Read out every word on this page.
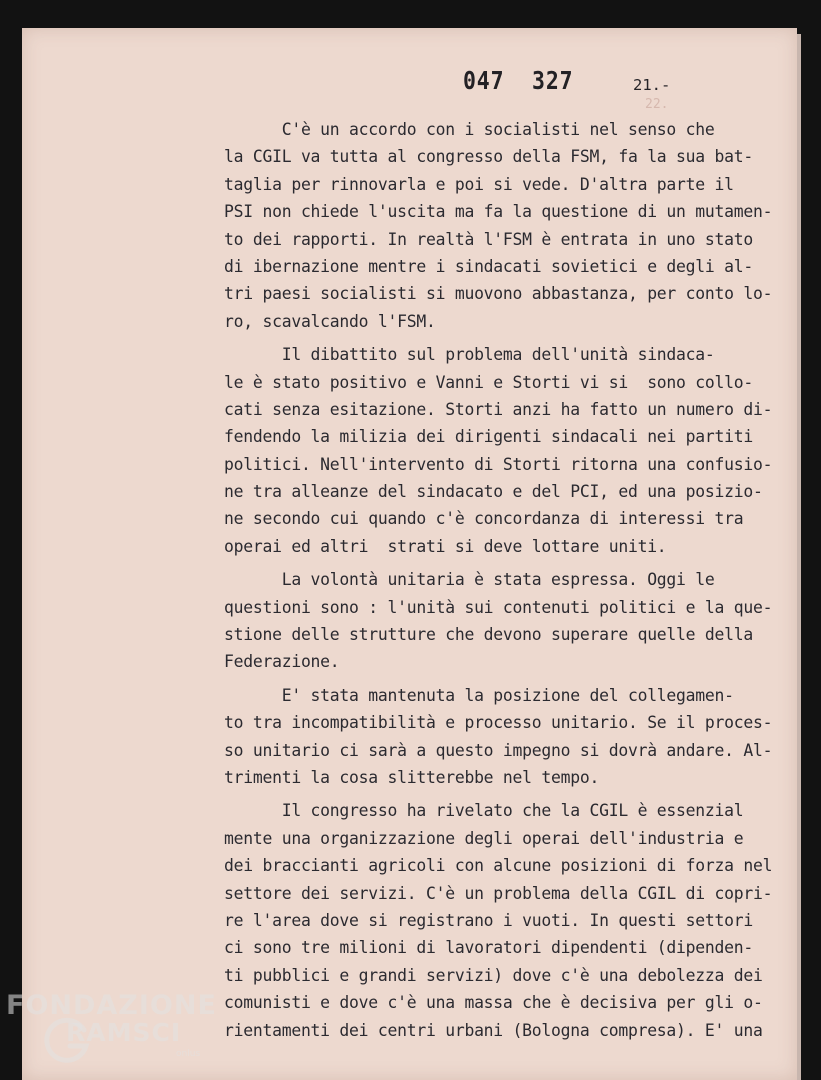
047  327	21.-
22.
C'è un accordo con i socialisti nel senso che
la CGIL va tutta al congresso della FSM, fa la sua bat-
taglia per rinnovarla e poi si vede. D'altra parte il
PSI non chiede l'uscita ma fa la questione di un mutamen-
to dei rapporti. In realtà l'FSM è entrata in uno stato
di ibernazione mentre i sindacati sovietici e degli al-
tri paesi socialisti si muovono abbastanza, per conto lo-
ro, scavalcando l'FSM.
Il dibattito sul problema dell'unità sindaca-
le è stato positivo e Vanni e Storti vi si  sono collo-
cati senza esitazione. Storti anzi ha fatto un numero di-
fendendo la milizia dei dirigenti sindacali nei partiti
politici. Nell'intervento di Storti ritorna una confusio-
ne tra alleanze del sindacato e del PCI, ed una posizio-
ne secondo cui quando c'è concordanza di interessi tra
operai ed altri  strati si deve lottare uniti.
La volontà unitaria è stata espressa. Oggi le
questioni sono : l'unità sui contenuti politici e la que-
stione delle strutture che devono superare quelle della
Federazione.
E' stata mantenuta la posizione del collegamen-
to tra incompatibilità e processo unitario. Se il proces-
so unitario ci sarà a questo impegno si dovrà andare. Al-
trimenti la cosa slitterebbe nel tempo.
Il congresso ha rivelato che la CGIL è essenzial
mente una organizzazione degli operai dell'industria e
dei braccianti agricoli con alcune posizioni di forza nel
settore dei servizi. C'è un problema della CGIL di copri-
re l'area dove si registrano i vuoti. In questi settori
ci sono tre milioni di lavoratori dipendenti (dipenden-
ti pubblici e grandi servizi) dove c'è una debolezza dei
comunisti e dove c'è una massa che è decisiva per gli o-
rientamenti dei centri urbani (Bologna compresa). E' una
FONDAZIONE
RAMSCI
onlus
